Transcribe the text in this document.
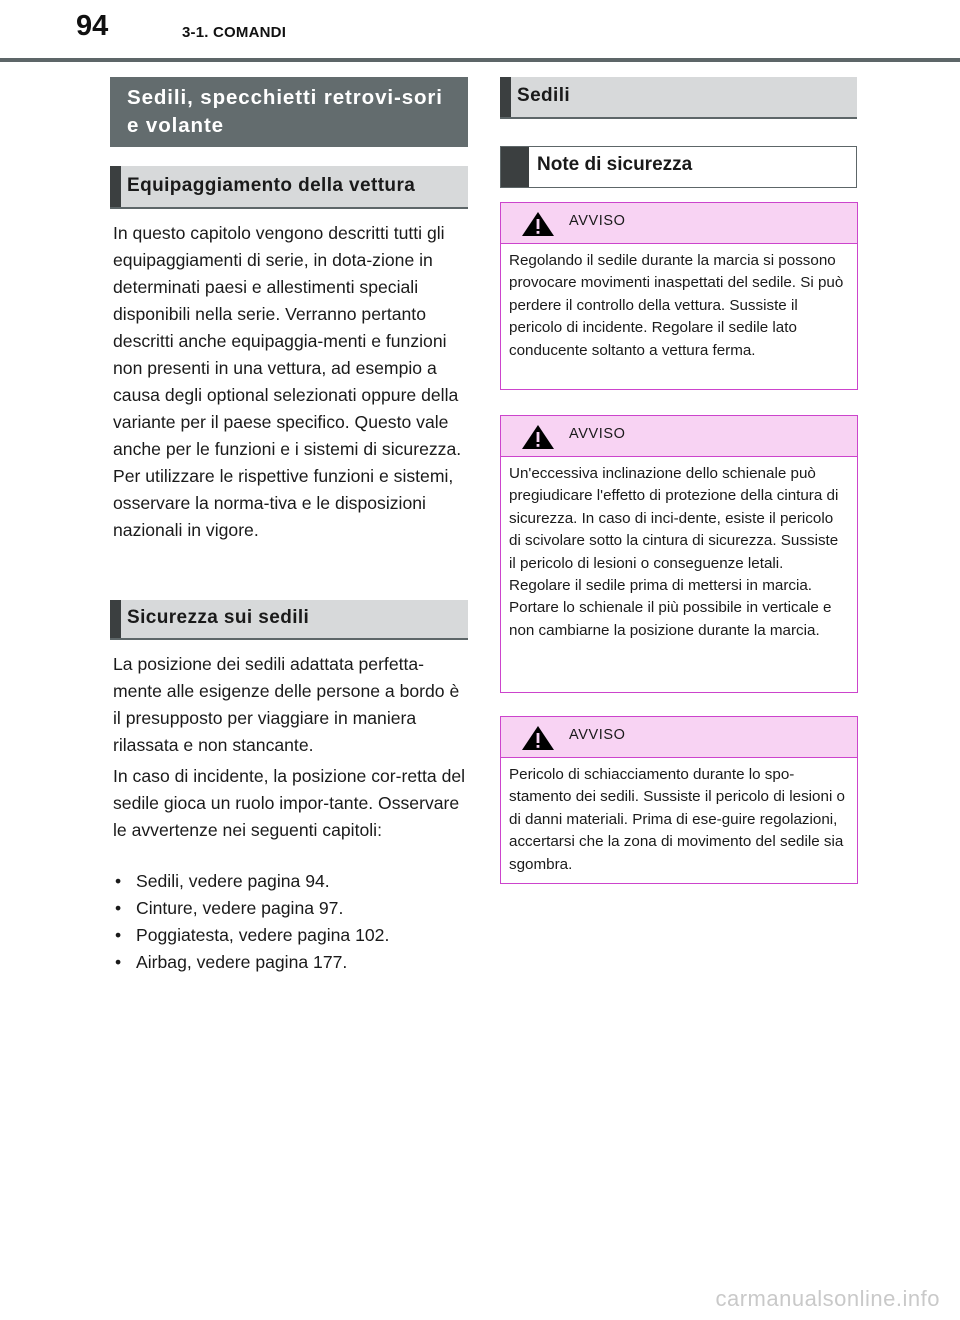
94	3-1. COMANDI
Sedili, specchietti retrovi-sori e volante
Equipaggiamento della vettura
In questo capitolo vengono descritti tutti gli equipaggiamenti di serie, in dota-zione in determinati paesi e allestimenti speciali disponibili nella serie. Verranno pertanto descritti anche equipaggia-menti e funzioni non presenti in una vettura, ad esempio a causa degli optional selezionati oppure della variante per il paese specifico. Questo vale anche per le funzioni e i sistemi di sicurezza. Per utilizzare le rispettive funzioni e sistemi, osservare la norma-tiva e le disposizioni nazionali in vigore.
Sicurezza sui sedili
La posizione dei sedili adattata perfetta-mente alle esigenze delle persone a bordo è il presupposto per viaggiare in maniera rilassata e non stancante.
In caso di incidente, la posizione cor-retta del sedile gioca un ruolo impor-tante. Osservare le avvertenze nei seguenti capitoli:
• Sedili, vedere pagina 94.
• Cinture, vedere pagina 97.
• Poggiatesta, vedere pagina 102.
• Airbag, vedere pagina 177.
Sedili
Note di sicurezza
AVVISO
Regolando il sedile durante la marcia si possono provocare movimenti inaspettati del sedile. Si può perdere il controllo della vettura. Sussiste il pericolo di incidente. Regolare il sedile lato conducente soltanto a vettura ferma.
AVVISO
Un'eccessiva inclinazione dello schienale può pregiudicare l'effetto di protezione della cintura di sicurezza. In caso di inci-dente, esiste il pericolo di scivolare sotto la cintura di sicurezza. Sussiste il pericolo di lesioni o conseguenze letali. Regolare il sedile prima di mettersi in marcia. Portare lo schienale il più possibile in verticale e non cambiarne la posizione durante la marcia.
AVVISO
Pericolo di schiacciamento durante lo spo-stamento dei sedili. Sussiste il pericolo di lesioni o di danni materiali. Prima di ese-guire regolazioni, accertarsi che la zona di movimento del sedile sia sgombra.
carmanualsonline.info
